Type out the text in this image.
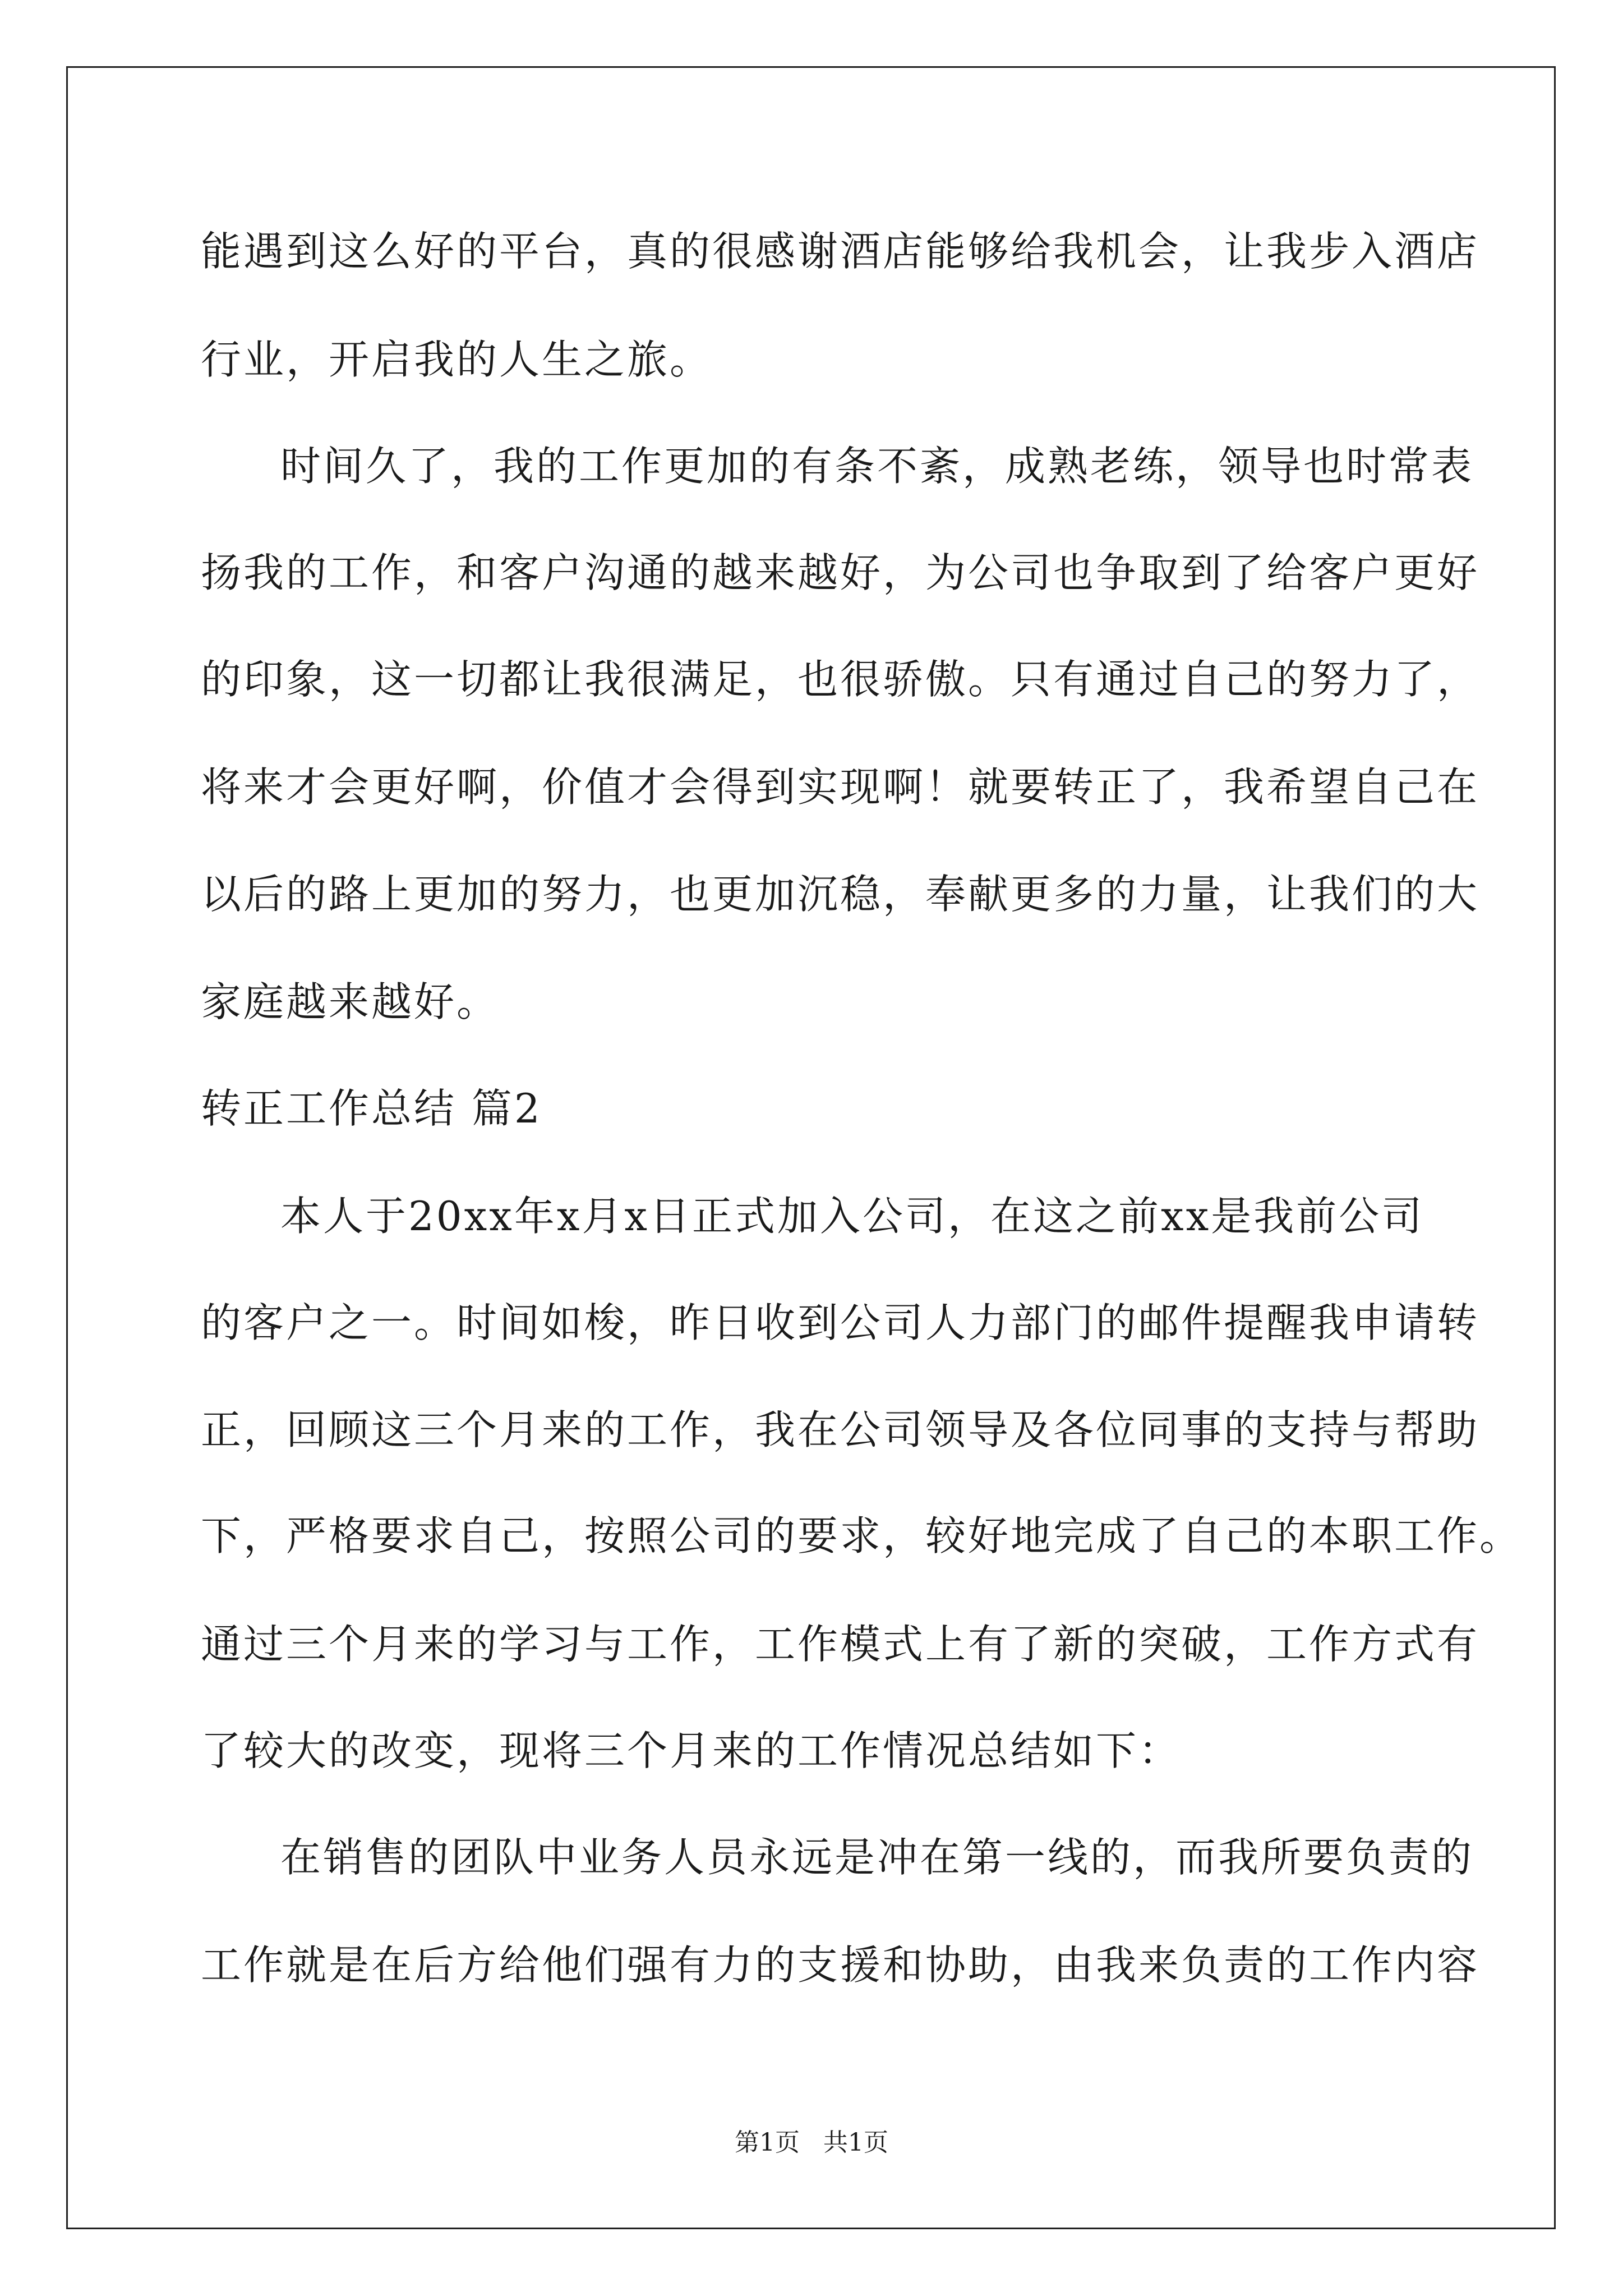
能遇到这么好的平台，真的很感谢酒店能够给我机会，让我步入酒店
行业，开启我的人生之旅。
时间久了，我的工作更加的有条不紊，成熟老练，领导也时常表
扬我的工作，和客户沟通的越来越好，为公司也争取到了给客户更好
的印象，这一切都让我很满足，也很骄傲。只有通过自己的努力了，
将来才会更好啊，价值才会得到实现啊！就要转正了，我希望自己在
以后的路上更加的努力，也更加沉稳，奉献更多的力量，让我们的大
家庭越来越好。
转正工作总结 篇2
本人于20xx年x月x日正式加入公司，在这之前xx是我前公司
的客户之一。时间如梭，昨日收到公司人力部门的邮件提醒我申请转
正，回顾这三个月来的工作，我在公司领导及各位同事的支持与帮助
下，严格要求自己，按照公司的要求，较好地完成了自己的本职工作。
通过三个月来的学习与工作，工作模式上有了新的突破，工作方式有
了较大的改变，现将三个月来的工作情况总结如下：
在销售的团队中业务人员永远是冲在第一线的，而我所要负责的
工作就是在后方给他们强有力的支援和协助，由我来负责的工作内容
第1页   共1页
